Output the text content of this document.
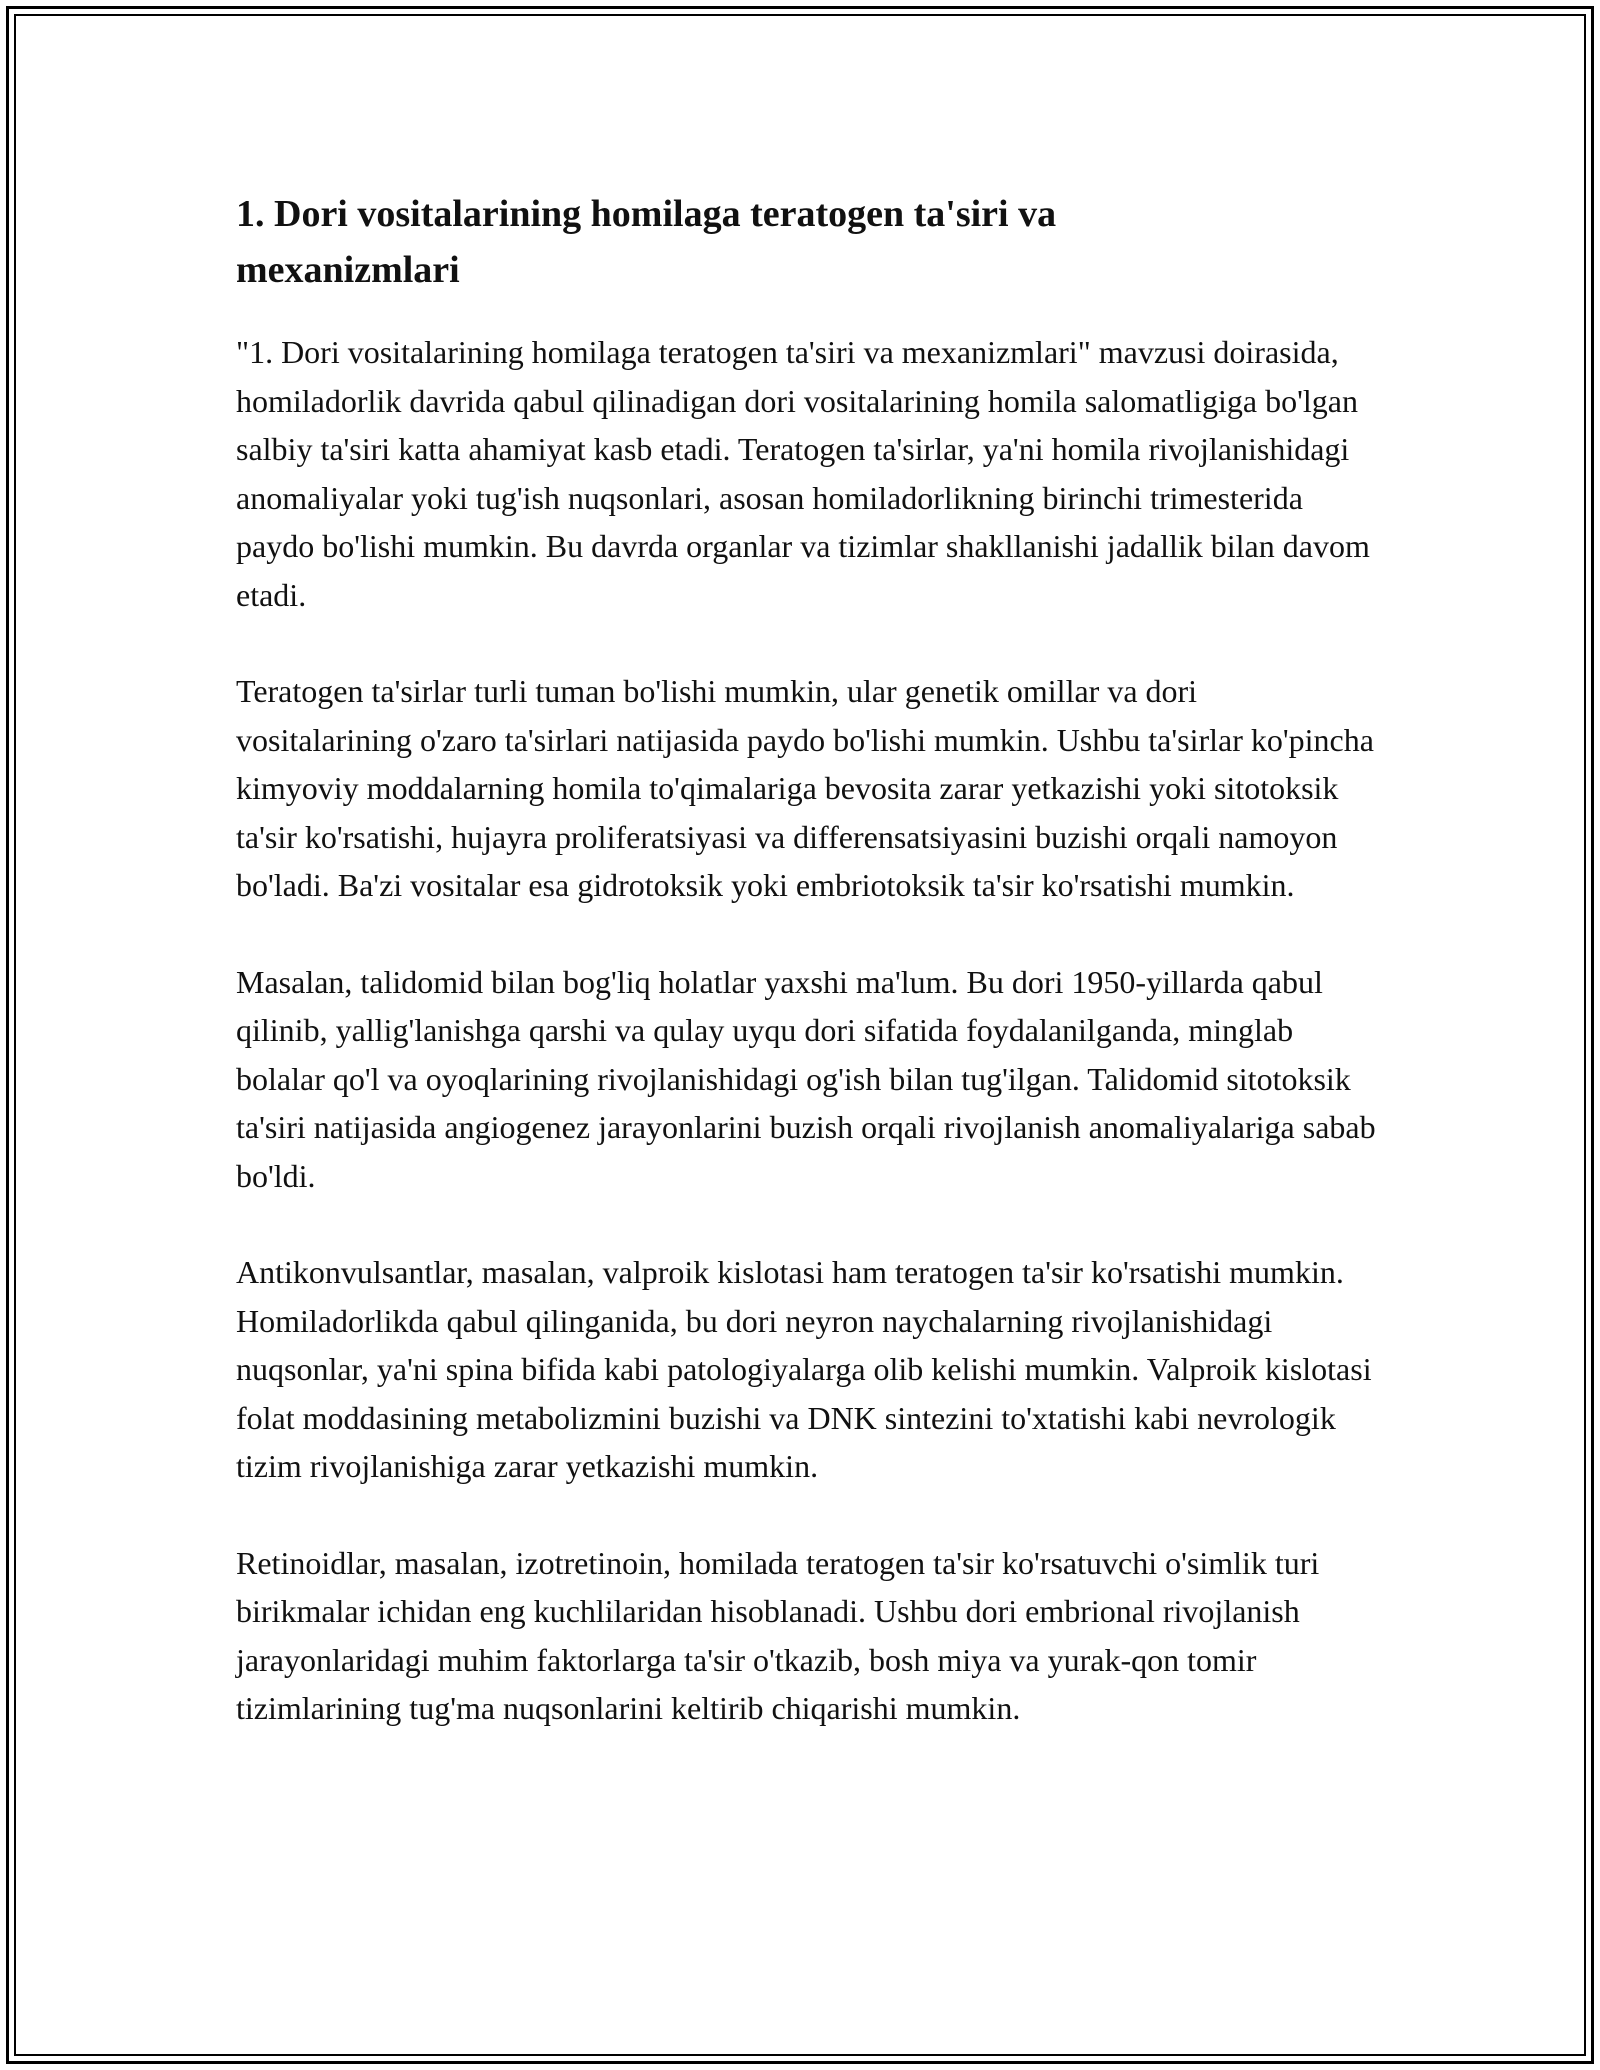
1. Dori vositalarining homilaga teratogen ta'siri va mexanizmlari

"1. Dori vositalarining homilaga teratogen ta'siri va mexanizmlari" mavzusi doirasida, homiladorlik davrida qabul qilinadigan dori vositalarining homila salomatligiga bo'lgan salbiy ta'siri katta ahamiyat kasb etadi. Teratogen ta'sirlar, ya'ni homila rivojlanishidagi anomaliyalar yoki tug'ish nuqsonlari, asosan homiladorlikning birinchi trimesterida paydo bo'lishi mumkin. Bu davrda organlar va tizimlar shakllanishi jadallik bilan davom etadi.

Teratogen ta'sirlar turli tuman bo'lishi mumkin, ular genetik omillar va dori vositalarining o'zaro ta'sirlari natijasida paydo bo'lishi mumkin. Ushbu ta'sirlar ko'pincha kimyoviy moddalarning homila to'qimalariga bevosita zarar yetkazishi yoki sitotoksik ta'sir ko'rsatishi, hujayra proliferatsiyasi va differensatsiyasini buzishi orqali namoyon bo'ladi. Ba'zi vositalar esa gidrotoksik yoki embriotoksik ta'sir ko'rsatishi mumkin.

Masalan, talidomid bilan bog'liq holatlar yaxshi ma'lum. Bu dori 1950-yillarda qabul qilinib, yallig'lanishga qarshi va qulay uyqu dori sifatida foydalanilganda, minglab bolalar qo'l va oyoqlarining rivojlanishidagi og'ish bilan tug'ilgan. Talidomid sitotoksik ta'siri natijasida angiogenez jarayonlarini buzish orqali rivojlanish anomaliyalariga sabab bo'ldi.

Antikonvulsantlar, masalan, valproik kislotasi ham teratogen ta'sir ko'rsatishi mumkin. Homiladorlikda qabul qilinganida, bu dori neyron naychalarning rivojlanishidagi nuqsonlar, ya'ni spina bifida kabi patologiyalarga olib kelishi mumkin. Valproik kislotasi folat moddasining metabolizmini buzishi va DNK sintezini to'xtatishi kabi nevrologik tizim rivojlanishiga zarar yetkazishi mumkin.

Retinoidlar, masalan, izotretinoin, homilada teratogen ta'sir ko'rsatuvchi o'simlik turi birikmalar ichidan eng kuchlilaridan hisoblanadi. Ushbu dori embrional rivojlanish jarayonlaridagi muhim faktorlarga ta'sir o'tkazib, bosh miya va yurak-qon tomir tizimlarining tug'ma nuqsonlarini keltirib chiqarishi mumkin.
